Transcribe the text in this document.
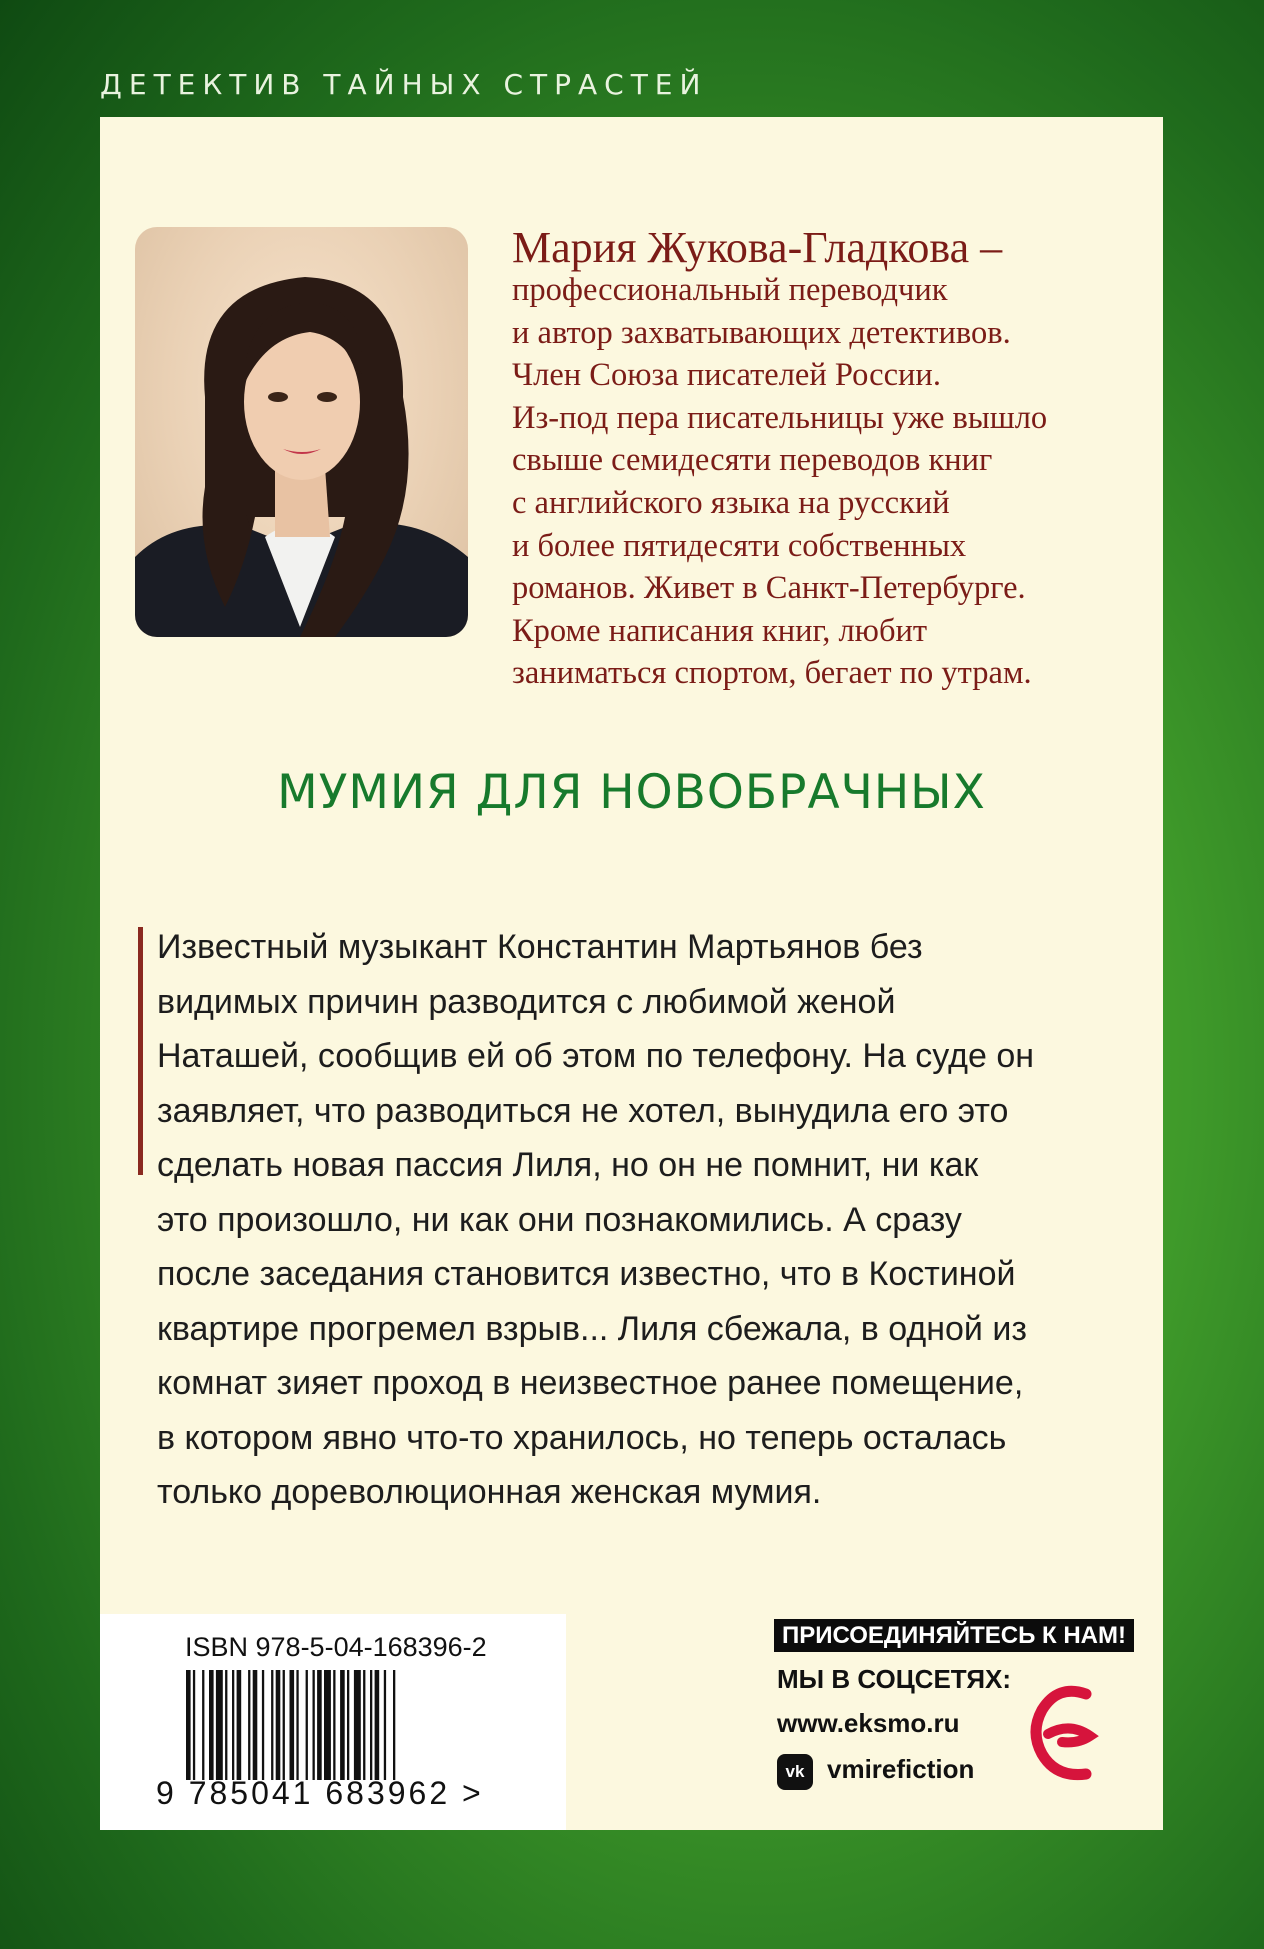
ДЕТЕКТИВ ТАЙНЫХ СТРАСТЕЙ
Мария Жукова-Гладкова –
профессиональный переводчик
и автор захватывающих детективов.
Член Союза писателей России.
Из-под пера писательницы уже вышло
свыше семидесяти переводов книг
с английского языка на русский
и более пятидесяти собственных
романов. Живет в Санкт-Петербурге.
Кроме написания книг, любит
заниматься спортом, бегает по утрам.
МУМИЯ ДЛЯ НОВОБРАЧНЫХ
Известный музыкант Константин Мартьянов без
видимых причин разводится с любимой женой
Наташей, сообщив ей об этом по телефону. На суде он
заявляет, что разводиться не хотел, вынудила его это
сделать новая пассия Лиля, но он не помнит, ни как
это произошло, ни как они познакомились. А сразу
после заседания становится известно, что в Костиной
квартире прогремел взрыв... Лиля сбежала, в одной из
комнат зияет проход в неизвестное ранее помещение,
в котором явно что-то хранилось, но теперь осталась
только дореволюционная женская мумия.
ISBN 978-5-04-168396-2
9 785041 683962 >
ПРИСОЕДИНЯЙТЕСЬ К НАМ!
МЫ В СОЦСЕТЯХ:
www.eksmo.ru
vk vmirefiction
